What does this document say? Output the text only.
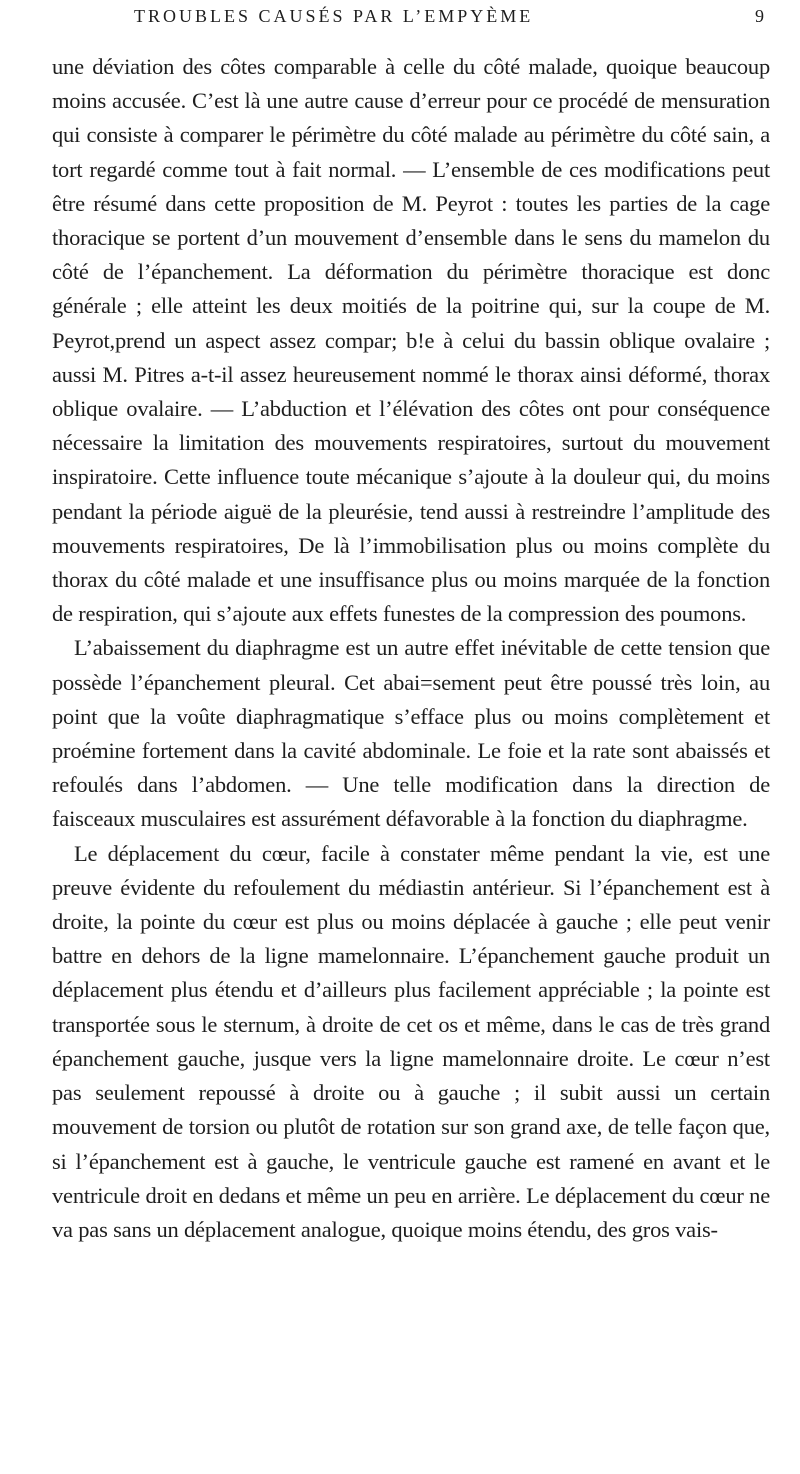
TROUBLES CAUSÉS PAR L’EMPYÈME	9

une déviation des côtes comparable à celle du côté malade, quoique beaucoup moins accusée. C’est là une autre cause d’erreur pour ce procédé de mensuration qui consiste à comparer le périmètre du côté malade au périmètre du côté sain, a tort regardé comme tout à fait normal. — L’ensemble de ces modifications peut être résumé dans cette proposition de M. Peyrot : toutes les parties de la cage thoracique se portent d’un mouvement d’ensemble dans le sens du mamelon du côté de l’épanchement. La déformation du périmètre thoracique est donc générale ; elle atteint les deux moitiés de la poitrine qui, sur la coupe de M. Peyrot,prend un aspect assez compar; b!e à celui du bassin oblique ovalaire ; aussi M. Pitres a-t-il assez heureusement nommé le thorax ainsi déformé, thorax oblique ovalaire. — L’abduction et l’élévation des côtes ont pour conséquence nécessaire la limitation des mouvements respiratoires, surtout du mouvement inspiratoire. Cette influence toute mécanique s’ajoute à la douleur qui, du moins pendant la période aiguë de la pleurésie, tend aussi à restreindre l’amplitude des mouvements respiratoires, De là l’immobilisation plus ou moins complète du thorax du côté malade et une insuffisance plus ou moins marquée de la fonction de respiration, qui s’ajoute aux effets funestes de la compression des poumons.

L’abaissement du diaphragme est un autre effet inévitable de cette tension que possède l’épanchement pleural. Cet abai=sement peut être poussé très loin, au point que la voûte diaphragmatique s’efface plus ou moins complètement et proémine fortement dans la cavité abdominale. Le foie et la rate sont abaissés et refoulés dans l’abdomen. — Une telle modification dans la direction de faisceaux musculaires est assurément défavorable à la fonction du diaphragme.

Le déplacement du cœur, facile à constater même pendant la vie, est une preuve évidente du refoulement du médiastin antérieur. Si l’épanchement est à droite, la pointe du cœur est plus ou moins déplacée à gauche ; elle peut venir battre en dehors de la ligne mamelonnaire. L’épanchement gauche produit un déplacement plus étendu et d’ailleurs plus facilement appréciable ; la pointe est transportée sous le sternum, à droite de cet os et même, dans le cas de très grand épanchement gauche, jusque vers la ligne mamelonnaire droite. Le cœur n’est pas seulement repoussé à droite ou à gauche ; il subit aussi un certain mouvement de torsion ou plutôt de rotation sur son grand axe, de telle façon que, si l’épanchement est à gauche, le ventricule gauche est ramené en avant et le ventricule droit en dedans et même un peu en arrière. Le déplacement du cœur ne va pas sans un déplacement analogue, quoique moins étendu, des gros vais-
